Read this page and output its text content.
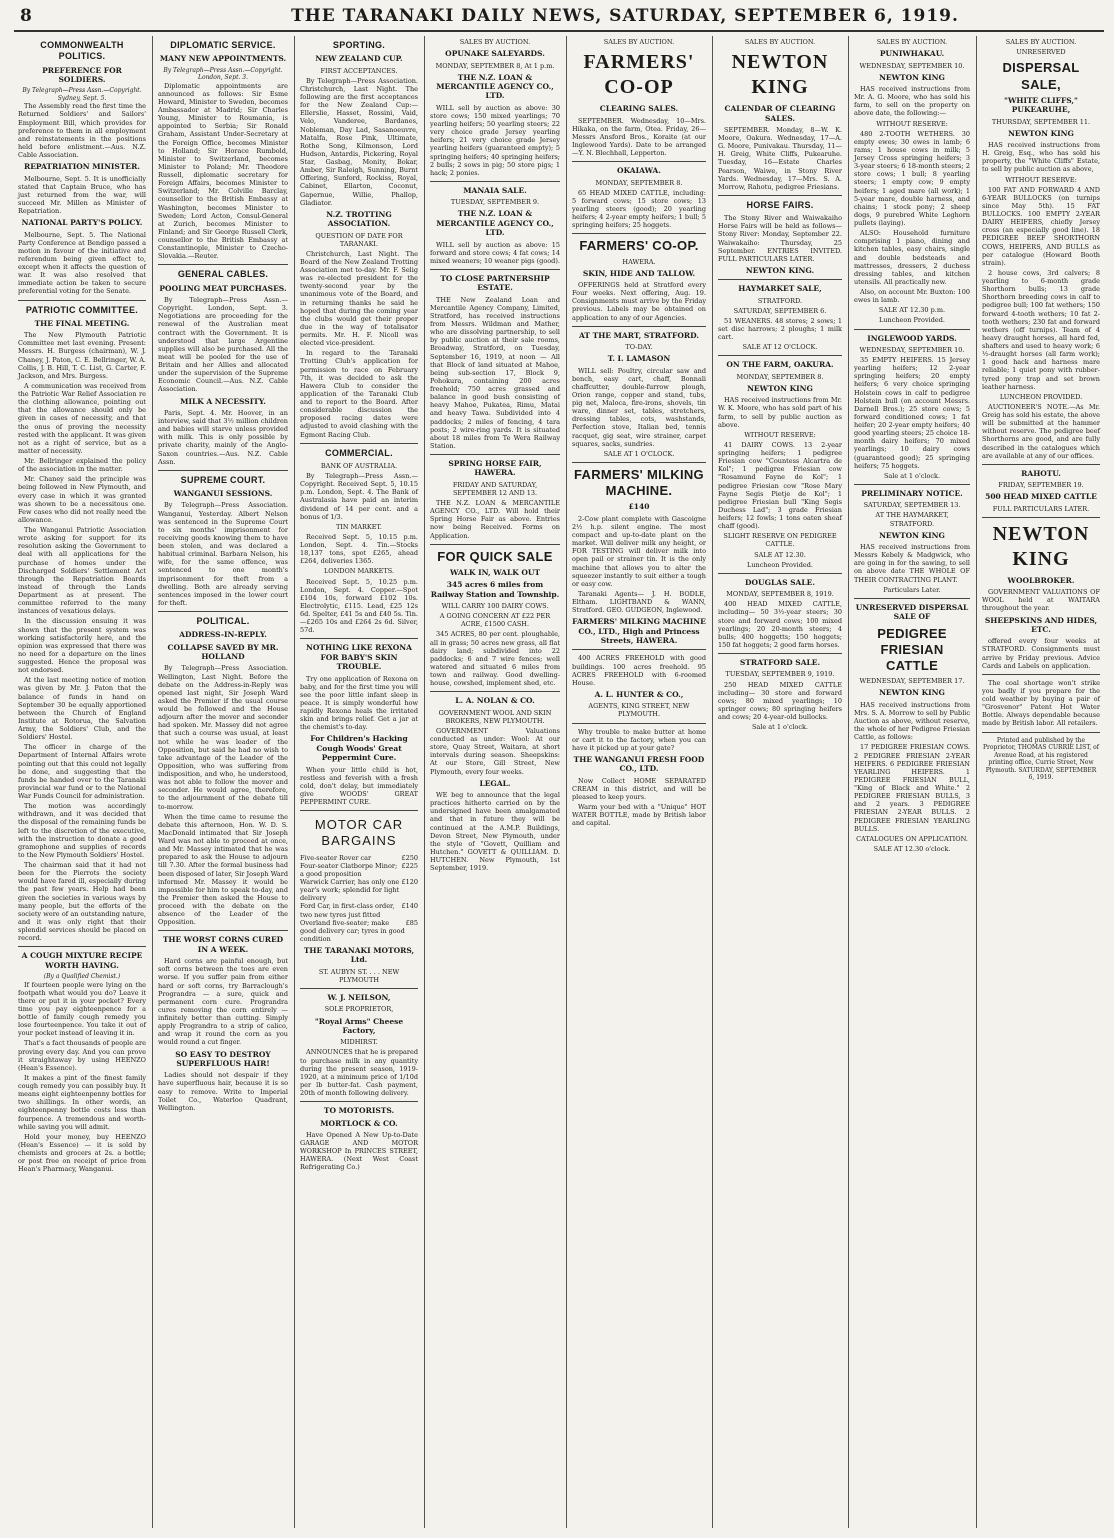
8	THE TARANAKI DAILY NEWS, SATURDAY, SEPTEMBER 6, 1919.
COMMONWEALTH POLITICS.
PREFERENCE FOR SOLDIERS.
By Telegraph—Press Assn.—Copyright. Sydney, Sept. 5.

The Assembly read the first time the Returned Soldiers' and Sailors' Employment Bill, which provides for preference to them in all employment and reinstatements in the positions held before enlistment.—Aus. N.Z. Cable Association.

REPATRIATION MINISTER.

Melbourne, Sept. 5. It is unofficially stated that Captain Bruce, who has just returned from the war, will succeed Mr. Millen as Minister of Repatriation.

NATIONAL PARTY'S POLICY.

Melbourne, Sept. 5. The National Party Conference at Bendigo passed a motion in favour of the initiative and referendum being given effect to, except when it affects the question of war. It was also resolved that immediate action be taken to secure preferential voting for the Senate.

PATRIOTIC COMMITTEE.
THE FINAL MEETING.

The New Plymouth Patriotic Committee met last evening. Present: Messrs. H. Burgess (chairman), W. J. Chaney, J. Paton, C. E. Bellringer, W. A. Collis, J. B. Hill, T. C. List, G. Carter, F. Jackson, and Mrs. Burgess.

A communication was received from the Patriotic War Relief Association re the clothing allowance, pointing out that the allowance should only be given in cases of necessity, and that the onus of proving the necessity rested with the applicant. It was given not as a right of service, but as a matter of necessity.

Mr. Bellringer explained the policy of the association in the matter.

Mr. Chaney said the principle was being followed in New Plymouth, and every case in which it was granted was shown to be a necessitous one. Few cases who did not really need the allowance.

The Wanganui Patriotic Association wrote asking for support for its resolution asking the Government to deal with all applications for the purchase of homes under the Discharged Soldiers' Settlement Act through the Repatriation Boards instead of through the Lands Department as at present. The committee referred to the many instances of vexatious delays.

In the discussion ensuing it was shown that the present system was working satisfactorily here, and the opinion was expressed that there was no need for a departure on the lines suggested. Hence the proposal was not endorsed.

At the last meeting notice of motion was given by Mr. J. Paton that the balance of funds in hand on September 30 be equally apportioned between the Church of England Institute at Rotorua, the Salvation Army, the Soldiers' Club, and the Soldiers' Hostel.

The officer in charge of the Department of Internal Affairs wrote pointing out that this could not legally be done, and suggesting that the funds be handed over to the Taranaki provincial war fund or to the National War Funds Council for administration.

The motion was accordingly withdrawn, and it was decided that the disposal of the remaining funds be left to the discretion of the executive, with the instruction to donate a good gramophone and supplies of records to the New Plymouth Soldiers' Hostel.

The chairman said that it had not been for the Pierrots the society would have fared ill, especially during the past few years. Help had been given the societies in various ways by many people, but the efforts of the society were of an outstanding nature, and it was only right that their splendid services should be placed on record.

A COUGH MIXTURE RECIPE WORTH HAVING.
(By a Qualified Chemist.)

If fourteen people were lying on the footpath what would you do? Leave it there or put it in your pocket? Every time you pay eighteenpence for a bottle of family cough remedy you lose fourteenpence. You take it out of your pocket instead of leaving it in.

That's a fact thousands of people are proving every day. And you can prove it straightaway by using HEENZO (Hean's Essence).

It makes a pint of the finest family cough remedy you can possibly buy. It means eight eighteenpenny bottles for two shillings. In other words, an eighteenpenny bottle costs less than fourpence. A tremendous and worth-while saving you will admit.

Hold your money, buy HEENZO (Hean's Essence) — it is sold by chemists and grocers at 2s. a bottle; or post free on receipt of price from Hean's Pharmacy, Wanganui.

DIPLOMATIC SERVICE.
MANY NEW APPOINTMENTS.
By Telegraph—Press Assn.—Copyright. London, Sept. 3.

Diplomatic appointments are announced as follows: Sir Esme Howard, Minister to Sweden, becomes Ambassador at Madrid; Sir Charles Young, Minister to Roumania, is appointed to Serbia; Sir Ronald Graham, Assistant Under-Secretary at the Foreign Office, becomes Minister to Holland; Sir Horace Rumbold, Minister to Switzerland, becomes Minister to Poland; Mr. Theodore Russell, diplomatic secretary for Foreign Affairs, becomes Minister to Switzerland; Mr. Colville Barclay, counsellor to the British Embassy at Washington, becomes Minister to Sweden; Lord Acton, Consul-General at Zurich, becomes Minister to Finland; and Sir George Russell Clerk, counsellor to the British Embassy at Constantinople, Minister to Czecho-Slovakia.—Reuter.

GENERAL CABLES.
POOLING MEAT PURCHASES.

By Telegraph—Press Assn.—Copyright. London, Sept. 3. Negotiations are proceeding for the renewal of the Australian meat contract with the Government. It is understood that large Argentine supplies will also be purchased. All the meat will be pooled for the use of Britain and her Allies and allocated under the supervision of the Supreme Economic Council.—Aus. N.Z. Cable Association.

MILK A NECESSITY.

Paris, Sept. 4. Mr. Hoover, in an interview, said that 3½ million children and babies will starve unless provided with milk. This is only possible by private charity, mainly of the Anglo-Saxon countries.—Aus. N.Z. Cable Assn.

SUPREME COURT.
WANGANUI SESSIONS.

By Telegraph—Press Association. Wanganui, Yesterday. Albert Nelson was sentenced in the Supreme Court to six months' imprisonment for receiving goods knowing them to have been stolen, and was declared a habitual criminal. Barbara Nelson, his wife, for the same offence, was sentenced to one month's imprisonment for theft from a dwelling. Both are already serving sentences imposed in the lower court for theft.

POLITICAL.
ADDRESS-IN-REPLY.
COLLAPSE SAVED BY MR. HOLLAND

By Telegraph—Press Association. Wellington, Last Night. Before the debate on the Address-in-Reply was opened last night, Sir Joseph Ward asked the Premier if the usual course would be followed and the House adjourn after the mover and seconder had spoken. Mr. Massey did not agree that such a course was usual, at least not while he was leader of the Opposition, but said he had no wish to take advantage of the Leader of the Opposition, who was suffering from indisposition, and who, he understood, was not able to follow the mover and seconder. He would agree, therefore, to the adjournment of the debate till to-morrow.

When the time came to resume the debate this afternoon, Hon. W. D. S. MacDonald intimated that Sir Joseph Ward was not able to proceed at once, and Mr. Massey intimated that he was prepared to ask the House to adjourn till 7.30. After the formal business had been disposed of later, Sir Joseph Ward informed Mr. Massey it would be impossible for him to speak to-day, and the Premier then asked the House to proceed with the debate on the absence of the Leader of the Opposition.

THE WORST CORNS CURED IN A WEEK.

Hard corns are painful enough, but soft corns between the toes are even worse. If you suffer pain from either hard or soft corns, try Barraclough's Prograndra — a sure, quick and permanent corn cure. Prograndra cures removing the corn entirely — infinitely better than cutting. Simply apply Prograndra to a strip of calico, and wrap it round the corn as you would round a cut finger.

SO EASY TO DESTROY SUPERFLUOUS HAIR!

Ladies should not despair if they have superfluous hair, because it is so easy to remove. Write to Imperial Toilet Co., Waterloo Quadrant, Wellington.

SPORTING.
NEW ZEALAND CUP.
FIRST ACCEPTANCES.

By Telegraph—Press Association. Christchurch, Last Night. The following are the first acceptances for the New Zealand Cup:—Ellerslie, Hasset, Rossini, Vaid, Velo, Vanderee, Bardanes, Nobleman, Day Lad, Sasanoeuvre, Matalfa, Rose Pink, Ultimate, Rothe Song, Kilmonson, Lord Hudson, Antardis, Pickering, Royal Star, Gasbag, Monity, Bokar, Amber, Sir Raleigh, Sunning, Burnt Offering, Sunford, Rockiss, Royal, Cabinet, Ellarton, Coconut, Gapernue, Willie, Phallop, Gladiator.

N.Z. TROTTING ASSOCIATION.
QUESTION OF DATE FOR TARANAKI.

Christchurch, Last Night. The Board of the New Zealand Trotting Association met to-day. Mr. F. Selig was re-elected president for the twenty-second year by the unanimous vote of the Board, and in returning thanks he said he hoped that during the coming year the clubs would get their proper due in the way of totalisator permits. Mr. H. F. Nicoll was elected vice-president.

In regard to the Taranaki Trotting Club's application for permission to race on February 7th, it was decided to ask the Hawera Club to consider the application of the Taranaki Club and to report to the Board. After considerable discussion the proposed racing dates were adjusted to avoid clashing with the Egmont Racing Club.

COMMERCIAL.
BANK OF AUSTRALIA.

By Telegraph—Press Assn.—Copyright. Received Sept. 5, 10.15 p.m. London, Sept. 4. The Bank of Australasia have paid an interim dividend of 14 per cent. and a bonus of 1/3.

TIN MARKET.

Received Sept. 5, 10.15 p.m. London, Sept. 4. Tin.—Stocks 18,137 tons, spot £265, ahead £264, deliveries 1365.

LONDON MARKETS.

Received Sept. 5, 10.25 p.m. London, Sept. 4. Copper.—Spot £104 10s, forward £102 10s. Electrolytic, £115. Lead, £25 12s 6d. Spelter, £41 5s and £40 5s. Tin.—£265 10s and £264 2s 6d. Silver, 57d.

NOTHING LIKE REXONA FOR BABY'S SKIN TROUBLE.

Try one application of Rexona on baby, and for the first time you will see the poor little infant sleep in peace. It is simply wonderful how rapidly Rexona heals the irritated skin and brings relief. Get a jar at the chemist's to-day.

For Children's Hacking Cough Woods' Great Peppermint Cure.

When your little child is hot, restless and feverish with a fresh cold, don't delay, but immediately give WOODS' GREAT PEPPERMINT CURE.

MOTOR CAR BARGAINS
Five-seater Rover car	£250
Four-seater Clatborpe Minor; a good proposition
£225
Warwick Carrier, has only one year's work; splendid for light delivery
£120
Ford Car, in first-class order, two new tyres just fitted
£140
Overland five-seater; make good delivery car; tyres in good condition
£85
THE TARANAKI MOTORS, Ltd.
ST. AUBYN ST. . . . NEW PLYMOUTH
W. J. NEILSON,
SOLE PROPRIETOR,
"Royal Arms" Cheese Factory,
MIDHIRST.

ANNOUNCES that he is prepared to purchase milk in any quantity during the present season, 1919-1920, at a minimum price of 1/10d per lb butter-fat. Cash payment, 20th of month following delivery.

TO MOTORISTS.
MORTLOCK & CO.

Have Opened A New Up-to-Date GARAGE AND MOTOR WORKSHOP In PRINCES STREET, HAWERA. (Next West Coast Refrigerating Co.)

SALES BY AUCTION.
OPUNAKE SALEYARDS.
MONDAY, SEPTEMBER 8, At 1 p.m.
THE N.Z. LOAN & MERCANTILE AGENCY CO., LTD.

WILL sell by auction as above: 30 store cows; 150 mixed yearlings; 70 yearling heifers; 50 yearling steers; 22 very choice grade Jersey yearling heifers; 21 very choice grade Jersey yearling heifers (guaranteed empty); 5 springing heifers; 40 springing heifers; 2 bulls; 2 sows in pig; 50 store pigs; 1 hack; 2 ponies.

MANAIA SALE.
TUESDAY, SEPTEMBER 9.
THE N.Z. LOAN & MERCANTILE AGENCY CO., LTD.

WILL sell by auction as above: 15 forward and store cows; 4 fat cows; 14 mixed weaners; 10 weaner pigs (good).

TO CLOSE PARTNERSHIP ESTATE.

THE New Zealand Loan and Mercantile Agency Company, Limited, Stratford, has received instructions from Messrs. Wildman and Mather, who are dissolving partnership, to sell by public auction at their sale rooms, Broadway, Stratford, on Tuesday, September 16, 1919, at noon — All that Block of land situated at Mahoe, being sub-section 17, Block 9, Pohokura, containing 200 acres freehold; 750 acres grassed and balance in good bush consisting of heavy Mahoe, Pukatea, Rimu, Matai and heavy Tawa. Subdivided into 4 paddocks; 2 miles of fencing, 4 tara posts; 2 wire-ring yards. It is situated about 18 miles from Te Wera Railway Station.

SPRING HORSE FAIR, HAWERA.
FRIDAY AND SATURDAY, SEPTEMBER 12 AND 13.

THE N.Z. LOAN & MERCANTILE AGENCY CO., LTD. Will hold their Spring Horse Fair as above. Entries now being Received. Forms on Application.

FOR QUICK SALE
WALK IN, WALK OUT
345 acres 6 miles from Railway Station and Township.
WILL CARRY 100 DAIRY COWS.
A GOING CONCERN AT £22 PER ACRE, £1500 CASH.

345 ACRES, 80 per cent. ploughable, all in grass; 50 acres new grass, all flat dairy land; subdivided into 22 paddocks; 6 and 7 wire fences; well watered and situated 6 miles from town and railway. Good dwelling-house, cowshed, implement shed, etc.

L. A. NOLAN & CO.
GOVERNMENT WOOL AND SKIN BROKERS, NEW PLYMOUTH.

GOVERNMENT Valuations conducted as under: Wool: At our store, Quay Street, Waitara, at short intervals during season. Sheepskins: At our Store, Gill Street, New Plymouth, every four weeks.

LEGAL.

WE beg to announce that the legal practices hitherto carried on by the undersigned have been amalgamated and that in future they will be continued at the A.M.P. Buildings, Devon Street, New Plymouth, under the style of "Govett, Quilliam and Hutchen." GOVETT & QUILLIAM. D. HUTCHEN. New Plymouth, 1st September, 1919.

SALES BY AUCTION.
FARMERS' CO-OP
CLEARING SALES.

SEPTEMBER. Wednesday, 10—Mrs. Hikaka, on the farm, Otea. Friday, 26—Messrs Ansford Bros., Koraite (at our Inglewood Yards). Date to be arranged—Y. N. Blechhall, Lepperton.

OKAIAWA.
MONDAY, SEPTEMBER 8.

65 HEAD MIXED CATTLE, including: 5 forward cows; 15 store cows; 13 yearling steers (good); 20 yearling heifers; 4 2-year empty heifers; 1 bull; 5 springing heifers; 25 hoggets.

FARMERS' CO-OP.
HAWERA.
SKIN, HIDE AND TALLOW.

OFFERINGS held at Stratford every Four weeks. Next offering, Aug. 19. Consignments must arrive by the Friday previous. Labels may be obtained on application to any of our Agencies.

AT THE MART, STRATFORD.
TO-DAY.
T. I. LAMASON

WILL sell: Poultry, circular saw and bench, easy cart, chaff, Bonnali chaffcutter, double-furrow plough, Orion range, copper and stand, tubs, pig net, Maloca, fire-irons, shovels, tin ware, dinner set, tables, stretchers, dressing tables, cots, washstands, Perfection stove, Italian bed, tennis racquet, gig seat, wire strainer, carpet squares, sacks, sundries.

SALE AT 1 O'CLOCK.
FARMERS' MILKING MACHINE.
£140

2-Cow plant complete with Gascoigne 2½ h.p. silent engine. The most compact and up-to-date plant on the market. Will deliver milk any height, or FOR TESTING will deliver milk into open pail or strainer tin. It is the only machine that allows you to alter the squeezer instantly to suit either a tough or easy cow.

Taranaki Agents— J. H. BODLE, Eltham. LIGHTBAND & WANN, Stratford. GEO. GUDGEON, Inglewood.

FARMERS' MILKING MACHINE CO., LTD., High and Princess Streets, HAWERA.

400 ACRES FREEHOLD with good buildings. 100 acres freehold. 95 ACRES FREEHOLD with 6-roomed House.

A. L. HUNTER & CO.,
AGENTS, KING STREET, NEW PLYMOUTH.

Why trouble to make butter at home or cart it to the factory, when you can have it picked up at your gate?

THE WANGANUI FRESH FOOD CO., LTD.

Now Collect HOME SEPARATED CREAM in this district, and will be pleased to keep yours.

Warm your bed with a "Unique" HOT WATER BOTTLE, made by British labor and capital.

SALES BY AUCTION.
NEWTON KING
CALENDAR OF CLEARING SALES.

SEPTEMBER. Monday, 8—W. K. Moore, Oakura. Wednesday, 17—A. G. Moore, Punivakau. Thursday, 11—H. Greig, White Cliffs, Pukearuhe. Tuesday, 16—Estate Charles Pearson, Waiwe, in Stony River Yards. Wednesday, 17—Mrs. S. A. Morrow, Rahotu, pedigree Friesians.

HORSE FAIRS.

The Stony River and Waiwakaiho Horse Fairs will be held as follows— Stony River: Monday, September 22. Waiwakaiho: Thursday, 25 September. ENTRIES INVITED. FULL PARTICULARS LATER.

NEWTON KING.
HAYMARKET SALE,
STRATFORD.
SATURDAY, SEPTEMBER 6.

51 WEANERS. 48 stores; 2 sows; 1 set disc harrows; 2 ploughs; 1 milk cart.

SALE AT 12 O'CLOCK.
ON THE FARM, OAKURA.
MONDAY, SEPTEMBER 8.
NEWTON KING

HAS received instructions from Mr. W. K. Moore, who has sold part of his farm, to sell by public auction as above.

WITHOUT RESERVE:

41 DAIRY COWS. 13 2-year springing heifers; 1 pedigree Friesian cow "Countess Alcartra de Kol"; 1 pedigree Friesian cow "Rosamund Fayne de Kol"; 1 pedigree Friesian cow "Rose Mary Fayne Segis Pietje de Kol"; 1 pedigree Friesian bull "King Segis Duchess Lad"; 3 grade Friesian heifers; 12 fowls; 1 tons oaten sheaf chaff (good).

SLIGHT RESERVE ON PEDIGREE CATTLE.
SALE AT 12.30.
Luncheon Provided.
DOUGLAS SALE.
MONDAY, SEPTEMBER 8, 1919.

400 HEAD MIXED CATTLE, including— 50 3½-year steers; 30 store and forward cows; 100 mixed yearlings; 20 20-month steers; 4 bulls; 400 hoggetts; 150 hoggets; 150 fat hoggets; 2 good farm horses.

STRATFORD SALE.
TUESDAY, SEPTEMBER 9, 1919.

250 HEAD MIXED CATTLE including— 30 store and forward cows; 80 mixed yearlings; 10 springer cows; 80 springing heifers and cows; 20 4-year-old bullocks.

Sale at 1 o'clock.
SALES BY AUCTION.
PUNIWHAKAU.
WEDNESDAY, SEPTEMBER 10.
NEWTON KING

HAS received instructions from Mr. A. G. Moore, who has sold his farm, to sell on the property on above date, the following:—

WITHOUT RESERVE:

480 2-TOOTH WETHERS. 30 empty ewes; 30 ewes in lamb; 6 rams; 1 house cows in milk; 5 Jersey Cross springing heifers; 3 3-year steers; 6 18-month steers; 2 store cows; 1 bull; 8 yearling steers; 1 empty cow; 9 empty heifers; 1 aged mare (all work); 1 5-year mare, double harness, and chains; 1 stock pony; 2 sheep dogs, 9 purebred White Leghorn pullets (laying).

ALSO: Household furniture comprising 1 piano, dining and kitchen tables, easy chairs, single and double bedsteads and mattresses, dressers, 2 duchess dressing tables, and kitchen utensils. All practically new.

Also, on account Mr. Buxton: 100 ewes in lamb.

SALE AT 12.30 p.m.
Luncheon Provided.
INGLEWOOD YARDS.
WEDNESDAY, SEPTEMBER 10.

35 EMPTY HEIFERS. 15 Jersey yearling heifers; 12 2-year springing heifers; 20 empty heifers; 6 very choice springing Holstein cows in calf to pedigree Holstein bull (on account Messrs. Darnell Bros.); 25 store cows; 5 forward conditioned cows; 1 fat heifer; 20 2-year empty heifers; 40 good yearling steers; 25 choice 18-month dairy heifers; 70 mixed yearlings; 10 dairy cows (guaranteed good); 25 springing heifers; 75 hoggets.

Sale at 1 o'clock.
PRELIMINARY NOTICE.
SATURDAY, SEPTEMBER 13.
AT THE HAYMARKET, STRATFORD.
NEWTON KING

HAS received instructions from Messrs Kebely & Madgwick, who are going in for the sawing, to sell on above date THE WHOLE OF THEIR CONTRACTING PLANT.

Particulars Later.
UNRESERVED DISPERSAL SALE OF
PEDIGREE FRIESIAN CATTLE
WEDNESDAY, SEPTEMBER 17.
NEWTON KING

HAS received instructions from Mrs. S. A. Morrow to sell by Public Auction as above, without reserve, the whole of her Pedigree Friesian Cattle, as follows:

17 PEDIGREE FRIESIAN COWS. 2 PEDIGREE FRIESIAN 2-YEAR HEIFERS. 6 PEDIGREE FRIESIAN YEARLING HEIFERS. 1 PEDIGREE FRIESIAN BULL, "King of Black and White." 2 PEDIGREE FRIESIAN BULLS, 3 and 2 years. 3 PEDIGREE FRIESIAN 2-YEAR BULLS. 2 PEDIGREE FRIESIAN YEARLING BULLS.

CATALOGUES ON APPLICATION.
SALE AT 12.30 o'clock.
SALES BY AUCTION.
UNRESERVED
DISPERSAL SALE,
"WHITE CLIFFS," PUKEARUHE,
THURSDAY, SEPTEMBER 11.
NEWTON KING

HAS received instructions from H. Greig, Esq., who has sold his property, the "White Cliffs" Estate, to sell by public auction as above,

WITHOUT RESERVE:

100 FAT AND FORWARD 4 AND 6-YEAR BULLOCKS (on turnips since May 5th). 15 FAT BULLOCKS. 100 EMPTY 2-YEAR DAIRY HEIFERS, chiefly Jersey cross (an especially good line). 18 PEDIGREE BEEF SHORTHORN COWS, HEIFERS, AND BULLS as per catalogue (Howard Booth strain).

2 house cows, 3rd calvers; 8 yearling to 6-month grade Shorthorn bulls; 13 grade Shorthorn breeding cows in calf to pedigree bull; 100 fat wethers; 150 forward 4-tooth wethers; 10 fat 2-tooth wethers; 230 fat and forward wethers (off turnips). Team of 4 heavy draught horses, all hard fed, shafters and used to heavy work; 6 ½-draught horses (all farm work); 1 good hack and harness mare reliable; 1 quiet pony with rubber-tyred pony trap and set brown leather harness.

LUNCHEON PROVIDED.

AUCTIONEER'S NOTE.—As Mr. Greig has sold his estate, the above will be submitted at the hammer without reserve. The pedigree beef Shorthorns are good, and are fully described in the catalogues which are available at any of our offices.

RAHOTU.
FRIDAY, SEPTEMBER 19.
500 HEAD MIXED CATTLE
FULL PARTICULARS LATER.
NEWTON KING
WOOLBROKER.

GOVERNMENT VALUATIONS OF WOOL held at WAITARA throughout the year.

SHEEPSKINS AND HIDES, ETC.

offered every four weeks at STRATFORD. Consignments must arrive by Friday previous. Advice Cards and Labels on application.

The coal shortage won't strike you badly if you prepare for the cold weather by buying a pair of "Grosvenor" Patent Hot Water Bottle. Always dependable because made by British labor. All retailers.

Printed and published by the Proprietor, THOMAS CURRIE LIST, of Avenue Road, at his registered printing office, Currie Street, New Plymouth. SATURDAY, SEPTEMBER 6, 1919.
